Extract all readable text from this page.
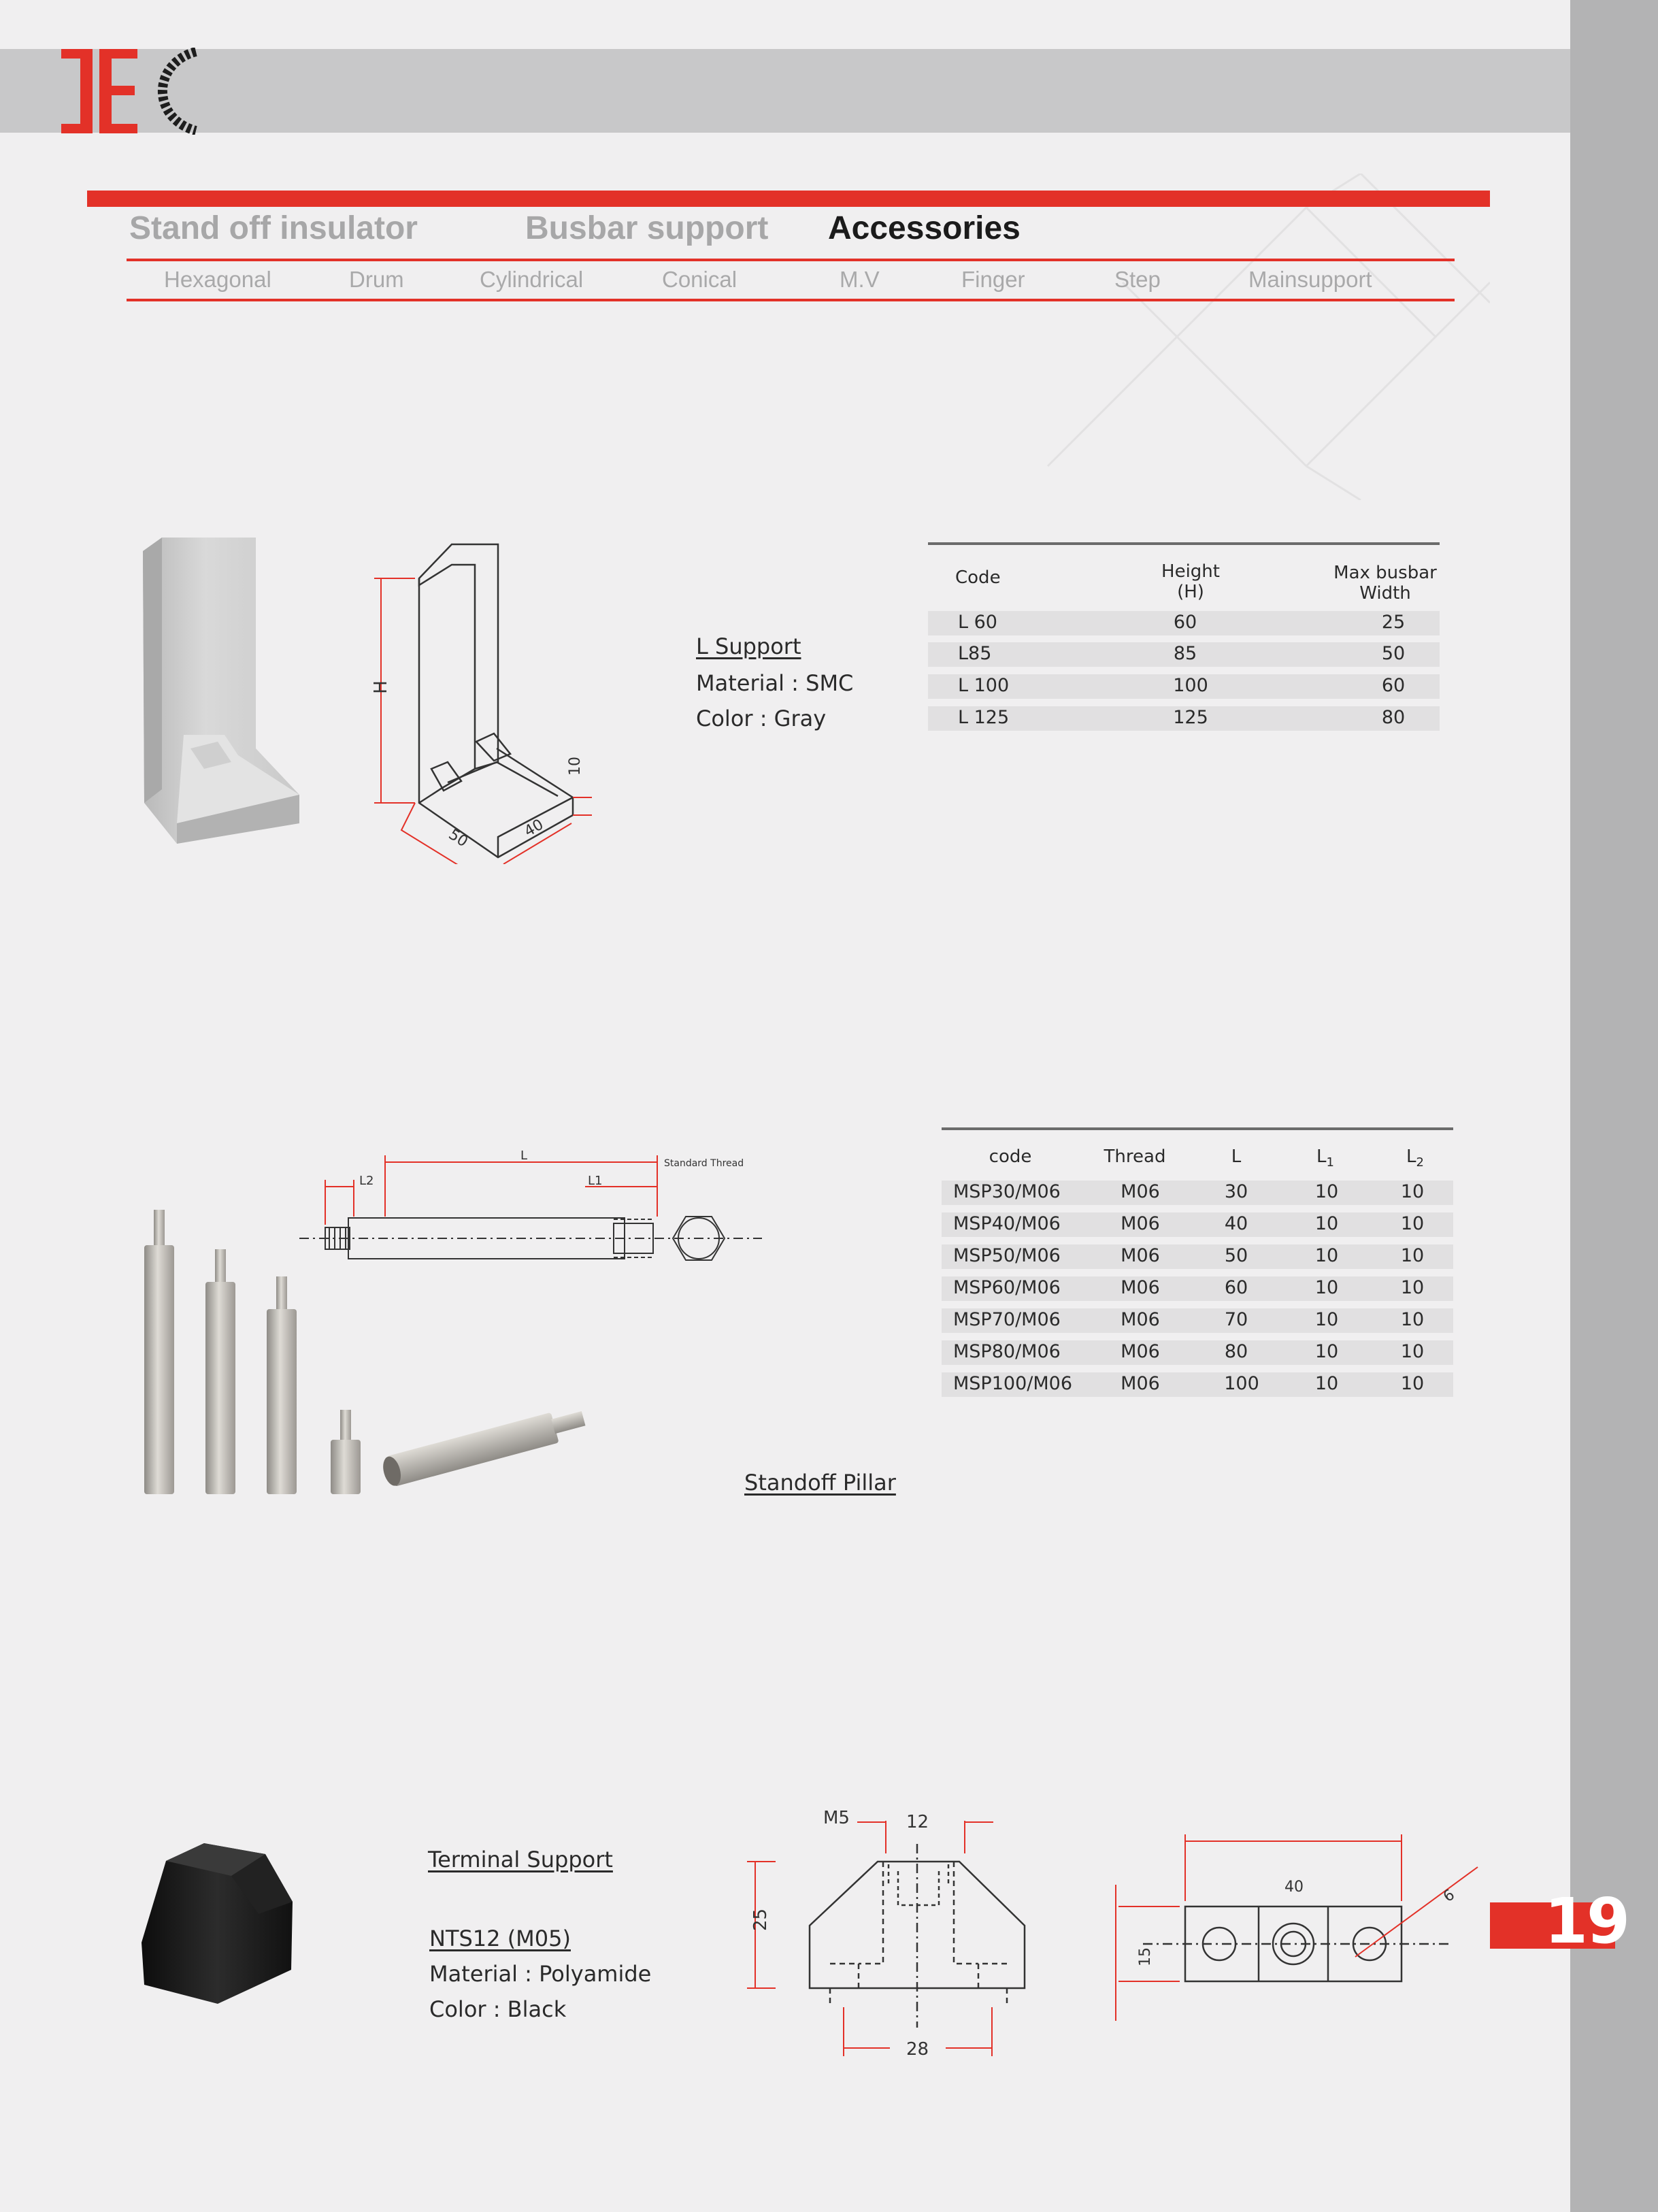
Stand off insulator	Busbar support Accessories
Hexagonal	Drum	Cylindrical	Conical	M.V	Finger	Step	Mainsupport
H
50	40
10
L Support
Material : SMC
Color : Gray
Code	Height
(H)
Max busbar
Width
L 60	60	25
L85	85	50
L 100	100	60
L 125	125	80
L
L2	L1
Standard Thread
Standoff Pillar
code	Thread	L	$L_1$	$L_2$
MSP30/M06	M06	30	10	10
MSP40/M06	M06	40	10	10
MSP50/M06	M06	50	10	10
MSP60/M06	M06	60	10	10
MSP70/M06	M06	70	10	10
MSP80/M06	M06	80	10	10
MSP100/M06	M06	100	10	10
Terminal Support
NTS12 (M05)
Material : Polyamide
Color : Black
M5	12
25
28
40	6
15	19
